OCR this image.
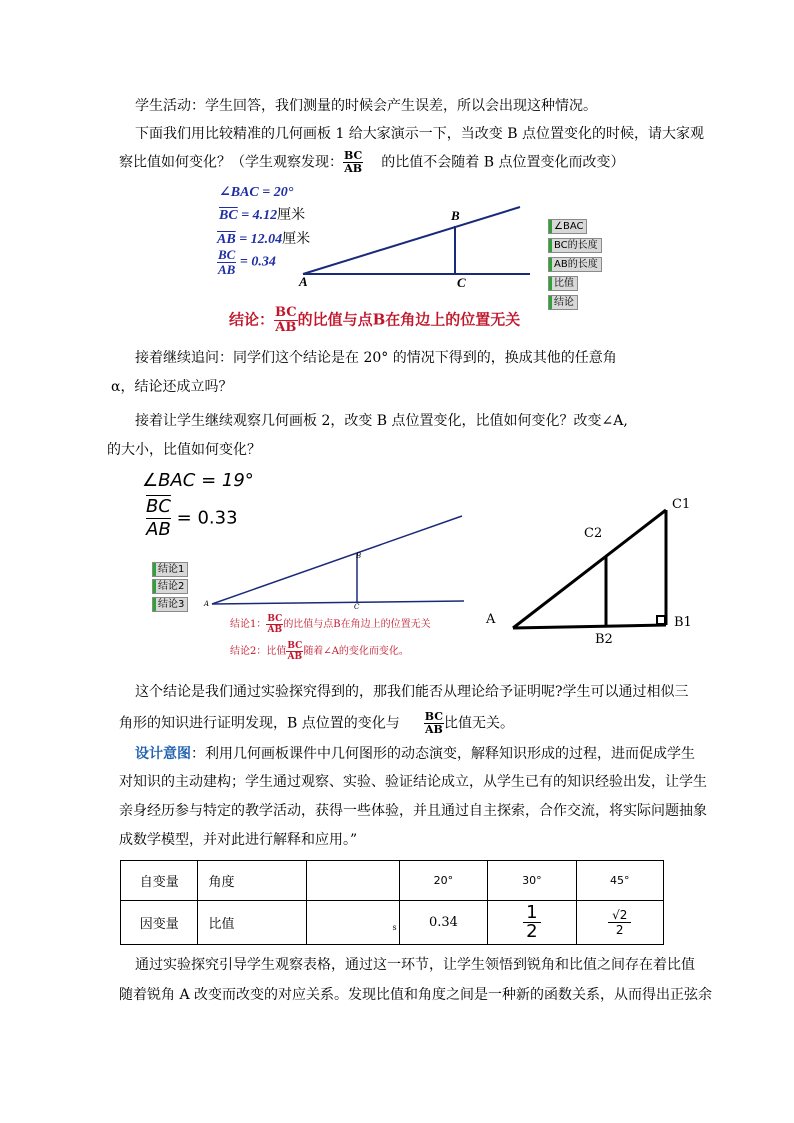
学生活动：学生回答，我们测量的时候会产生误差，所以会出现这种情况。
下面我们用比较精准的几何画板 1 给大家演示一下，当改变 B 点位置变化的时候，请大家观
察比值如何变化？（学生观察发现： $\frac{BC}{AB}$ 的比值不会随着 B 点位置变化而改变）
∠BAC = 20°
$\overline{BC} = 4.12$厘米
$\overline{AB} = 12.04$厘米
$\frac{BC}{AB} = 0.34$
A
B
C
∠BAC
BC的长度
AB的长度
比值
结论
结论： $\frac{BC}{AB}$ 的比值与点B在角边上的位置无关
接着继续追问：同学们这个结论是在 20° 的情况下得到的，换成其他的任意角
α，结论还成立吗？
接着让学生继续观察几何画板 2，改变 B 点位置变化，比值如何变化？改变∠A,
的大小，比值如何变化？
∠BAC = 19°
$\frac{\overline{BC}}{AB} = 0.33$
A
B
C
结论1
结论2
结论3
结论1： $\frac{BC}{AB}$ 的比值与点B在角边上的位置无关
结论2：比值 $\frac{BC}{AB}$ 随着∠A的变化而变化。
A	B1
B2
C1
C2
这个结论是我们通过实验探究得到的，那我们能否从理论给予证明呢?学生可以通过相似三
角形的知识进行证明发现，B 点位置的变化与 $\frac{BC}{AB}$ 比值无关。
设计意图：利用几何画板课件中几何图形的动态演变，解释知识形成的过程，进而促成学生
对知识的主动建构；学生通过观察、实验、验证结论成立，从学生已有的知识经验出发，让学生
亲身经历参与特定的教学活动，获得一些体验，并且通过自主探索，合作交流，将实际问题抽象
成数学模型，并对此进行解释和应用。”
自变量	角度		20°	30°	45°
因变量	比值	s	0.34	$\frac{1}{2}$	$\frac{√2}{2}$
通过实验探究引导学生观察表格，通过这一环节，让学生领悟到锐角和比值之间存在着比值
随着锐角 A 改变而改变的对应关系。发现比值和角度之间是一种新的函数关系，从而得出正弦余
